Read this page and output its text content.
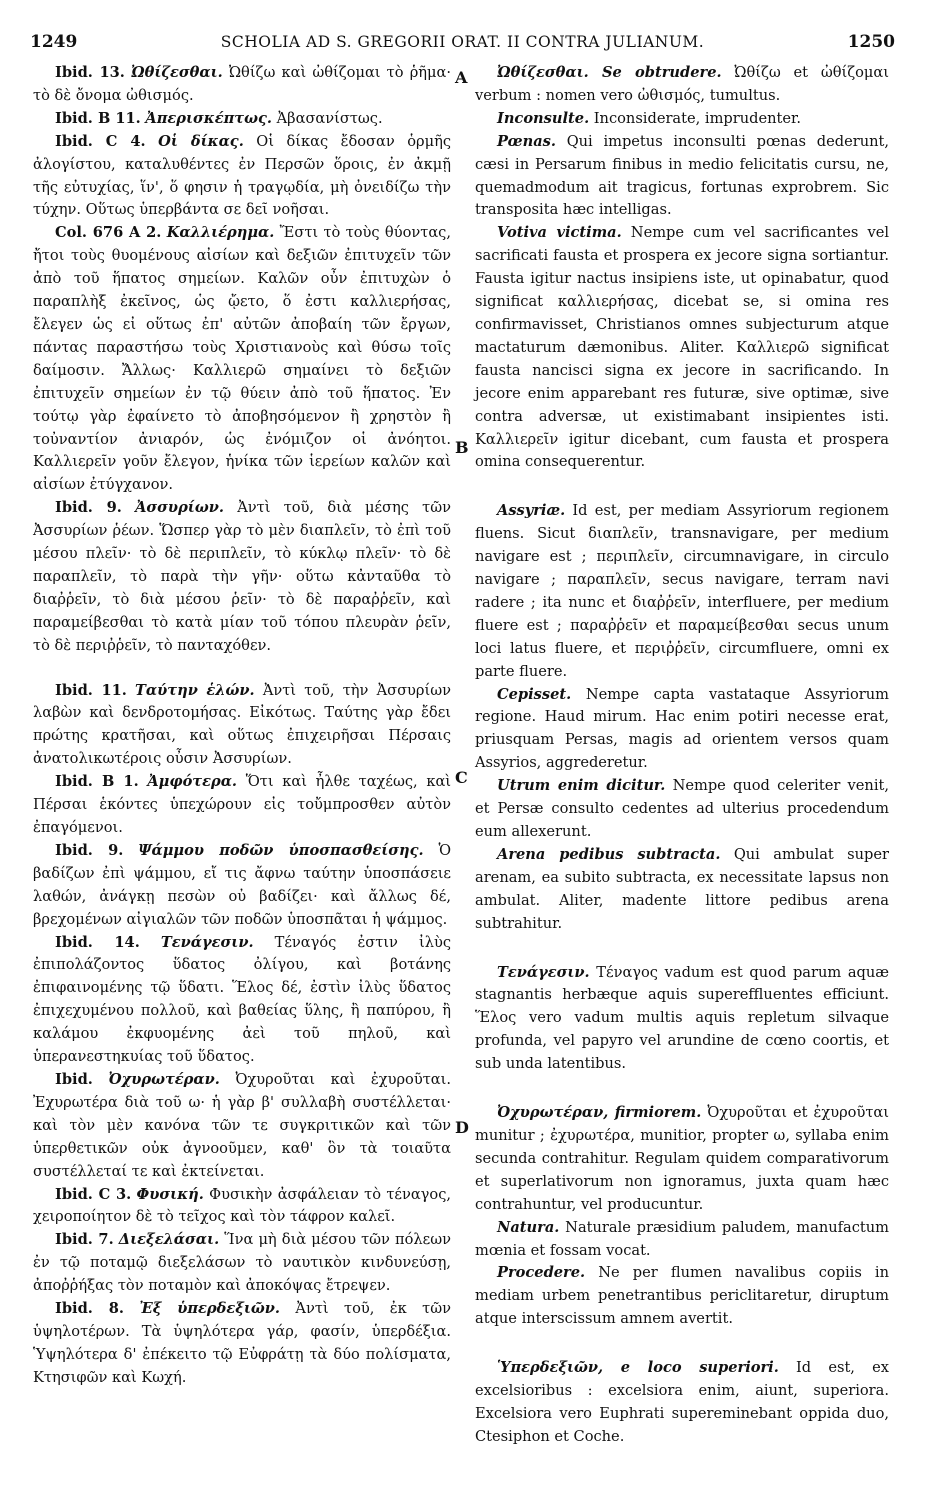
1249	SCHOLIA AD S. GREGORII ORAT. II CONTRA JULIANUM.	1250
A
B
C
D

Ibid. 13. Ὠθίζεσθαι. Ὠθίζω καὶ ὠθίζομαι τὸ ῥῆμα· τὸ δὲ ὄνομα ὠθισμός.

Ibid. B 11. Ἀπερισκέπτως. Ἀβασανίστως.

Ibid. C 4. Οἱ δίκας. Οἱ δίκας ἔδοσαν ὁρμῆς ἀλογίστου, καταλυθέντες ἐν Περσῶν ὅροις, ἐν ἀκμῇ τῆς εὐτυχίας, ἵν', ὅ φησιν ἡ τραγῳδία, μὴ ὀνειδίζω τὴν τύχην. Οὕτως ὑπερβάντα σε δεῖ νοῆσαι.

Col. 676 A 2. Καλλιέρημα. Ἔστι τὸ τοὺς θύοντας, ἤτοι τοὺς θυομένους αἰσίων καὶ δεξιῶν ἐπιτυχεῖν τῶν ἀπὸ τοῦ ἥπατος σημείων. Καλῶν οὖν ἐπιτυχὼν ὁ παραπλὴξ ἐκεῖνος, ὡς ᾤετο, ὅ ἐστι καλλιερήσας, ἔλεγεν ὡς εἰ οὕτως ἐπ' αὐτῶν ἀποβαίη τῶν ἔργων, πάντας παραστήσω τοὺς Χριστιανοὺς καὶ θύσω τοῖς δαίμοσιν. Ἄλλως· Καλλιερῶ σημαίνει τὸ δεξιῶν ἐπιτυχεῖν σημείων ἐν τῷ θύειν ἀπὸ τοῦ ἥπατος. Ἐν τούτῳ γὰρ ἐφαίνετο τὸ ἀποβησόμενον ἢ χρηστὸν ἢ τοὐναντίον ἀνιαρόν, ὡς ἐνόμιζον οἱ ἀνόητοι. Καλλιερεῖν γοῦν ἔλεγον, ἡνίκα τῶν ἱερείων καλῶν καὶ αἰσίων ἐτύγχανον.

Ibid. 9. Ἀσσυρίων. Ἀντὶ τοῦ, διὰ μέσης τῶν Ἀσσυρίων ῥέων. Ὥσπερ γὰρ τὸ μὲν διαπλεῖν, τὸ ἐπὶ τοῦ μέσου πλεῖν· τὸ δὲ περιπλεῖν, τὸ κύκλῳ πλεῖν· τὸ δὲ παραπλεῖν, τὸ παρὰ τὴν γῆν· οὕτω κἀνταῦθα τὸ διαῤῥεῖν, τὸ διὰ μέσου ῥεῖν· τὸ δὲ παραῤῥεῖν, καὶ παραμείβεσθαι τὸ κατὰ μίαν τοῦ τόπου πλευρὰν ῥεῖν, τὸ δὲ περιῤῥεῖν, τὸ πανταχόθεν.

Ibid. 11. Ταύτην ἑλών. Ἀντὶ τοῦ, τὴν Ἀσσυρίων λαβὼν καὶ δενδροτομήσας. Εἰκότως. Ταύτης γὰρ ἔδει πρώτης κρατῆσαι, καὶ οὕτως ἐπιχειρῆσαι Πέρσαις ἀνατολικωτέροις οὖσιν Ἀσσυρίων.

Ibid. B 1. Ἀμφότερα. Ὅτι καὶ ἦλθε ταχέως, καὶ Πέρσαι ἑκόντες ὑπεχώρουν εἰς τοὔμπροσθεν αὐτὸν ἐπαγόμενοι.

Ibid. 9. Ψάμμου ποδῶν ὑποσπασθείσης. Ὁ βαδίζων ἐπὶ ψάμμου, εἴ τις ἄφνω ταύτην ὑποσπάσειε λαθών, ἀνάγκῃ πεσὼν οὐ βαδίζει· καὶ ἄλλως δέ, βρεχομένων αἰγιαλῶν τῶν ποδῶν ὑποσπᾶται ἡ ψάμμος.

Ibid. 14. Τενάγεσιν. Τέναγός ἐστιν ἰλὺς ἐπιπολάζοντος ὕδατος ὀλίγου, καὶ βοτάνης ἐπιφαινομένης τῷ ὕδατι. Ἕλος δέ, ἐστὶν ἰλὺς ὕδατος ἐπιχεχυμένου πολλοῦ, καὶ βαθείας ὕλης, ἢ παπύρου, ἢ καλάμου ἐκφυομένης ἀεὶ τοῦ πηλοῦ, καὶ ὑπερανεστηκυίας τοῦ ὕδατος.

Ibid. Ὀχυρωτέραν. Ὀχυροῦται καὶ ἐχυροῦται. Ἐχυρωτέρα διὰ τοῦ ω· ἡ γὰρ β' συλλαβὴ συστέλλεται· καὶ τὸν μὲν κανόνα τῶν τε συγκριτικῶν καὶ τῶν ὑπερθετικῶν οὐκ ἀγνοοῦμεν, καθ' ὃν τὰ τοιαῦτα συστέλλεταί τε καὶ ἐκτείνεται.

Ibid. C 3. Φυσική. Φυσικὴν ἀσφάλειαν τὸ τέναγος, χειροποίητον δὲ τὸ τεῖχος καὶ τὸν τάφρον καλεῖ.

Ibid. 7. Διεξελάσαι. Ἵνα μὴ διὰ μέσου τῶν πόλεων ἐν τῷ ποταμῷ διεξελάσων τὸ ναυτικὸν κινδυνεύσῃ, ἀποῤῥήξας τὸν ποταμὸν καὶ ἀποκόψας ἔτρεψεν.

Ibid. 8. Ἐξ ὑπερδεξιῶν. Ἀντὶ τοῦ, ἐκ τῶν ὑψηλοτέρων. Τὰ ὑψηλότερα γάρ, φασίν, ὑπερδέξια. Ὑψηλότερα δ' ἐπέκειτο τῷ Εὐφράτῃ τὰ δύο πολίσματα, Κτησιφῶν καὶ Κωχή.

Ὠθίζεσθαι. Se obtrudere. Ὠθίζω et ὠθίζομαι verbum : nomen vero ὠθισμός, tumultus.

Inconsulte. Inconsiderate, imprudenter.

Pœnas. Qui impetus inconsulti pœnas dederunt, cæsi in Persarum finibus in medio felicitatis cursu, ne, quemadmodum ait tragicus, fortunas exprobrem. Sic transposita hæc intelligas.

Votiva victima. Nempe cum vel sacrificantes vel sacrificati fausta et prospera ex jecore signa sortiantur. Fausta igitur nactus insipiens iste, ut opinabatur, quod significat καλλιερήσας, dicebat se, si omina res confirmavisset, Christianos omnes subjecturum atque mactaturum dæmonibus. Aliter. Καλλιερῶ significat fausta nancisci signa ex jecore in sacrificando. In jecore enim apparebant res futuræ, sive optimæ, sive contra adversæ, ut existimabant insipientes isti. Καλλιερεῖν igitur dicebant, cum fausta et prospera omina consequerentur.

Assyriæ. Id est, per mediam Assyriorum regionem fluens. Sicut διαπλεῖν, transnavigare, per medium navigare est ; περιπλεῖν, circumnavigare, in circulo navigare ; παραπλεῖν, secus navigare, terram navi radere ; ita nunc et διαῤῥεῖν, interfluere, per medium fluere est ; παραῤῥεῖν et παραμείβεσθαι secus unum loci latus fluere, et περιῤῥεῖν, circumfluere, omni ex parte fluere.

Cepisset. Nempe capta vastataque Assyriorum regione. Haud mirum. Hac enim potiri necesse erat, priusquam Persas, magis ad orientem versos quam Assyrios, aggrederetur.

Utrum enim dicitur. Nempe quod celeriter venit, et Persæ consulto cedentes ad ulterius procedendum eum allexerunt.

Arena pedibus subtracta. Qui ambulat super arenam, ea subito subtracta, ex necessitate lapsus non ambulat. Aliter, madente littore pedibus arena subtrahitur.

Τενάγεσιν. Τέναγος vadum est quod parum aquæ stagnantis herbæque aquis supereffluentes efficiunt. Ἕλος vero vadum multis aquis repletum silvaque profunda, vel papyro vel arundine de cœno coortis, et sub unda latentibus.

Ὀχυρωτέραν, firmiorem. Ὀχυροῦται et ἐχυροῦται munitur ; ἐχυρωτέρα, munitior, propter ω, syllaba enim secunda contrahitur. Regulam quidem comparativorum et superlativorum non ignoramus, juxta quam hæc contrahuntur, vel producuntur.

Natura. Naturale præsidium paludem, manufactum mœnia et fossam vocat.

Procedere. Ne per flumen navalibus copiis in mediam urbem penetrantibus periclitaretur, diruptum atque interscissum amnem avertit.

Ὑπερδεξιῶν, e loco superiori. Id est, ex excelsioribus : excelsiora enim, aiunt, superiora. Excelsiora vero Euphrati supereminebant oppida duo, Ctesiphon et Coche.
